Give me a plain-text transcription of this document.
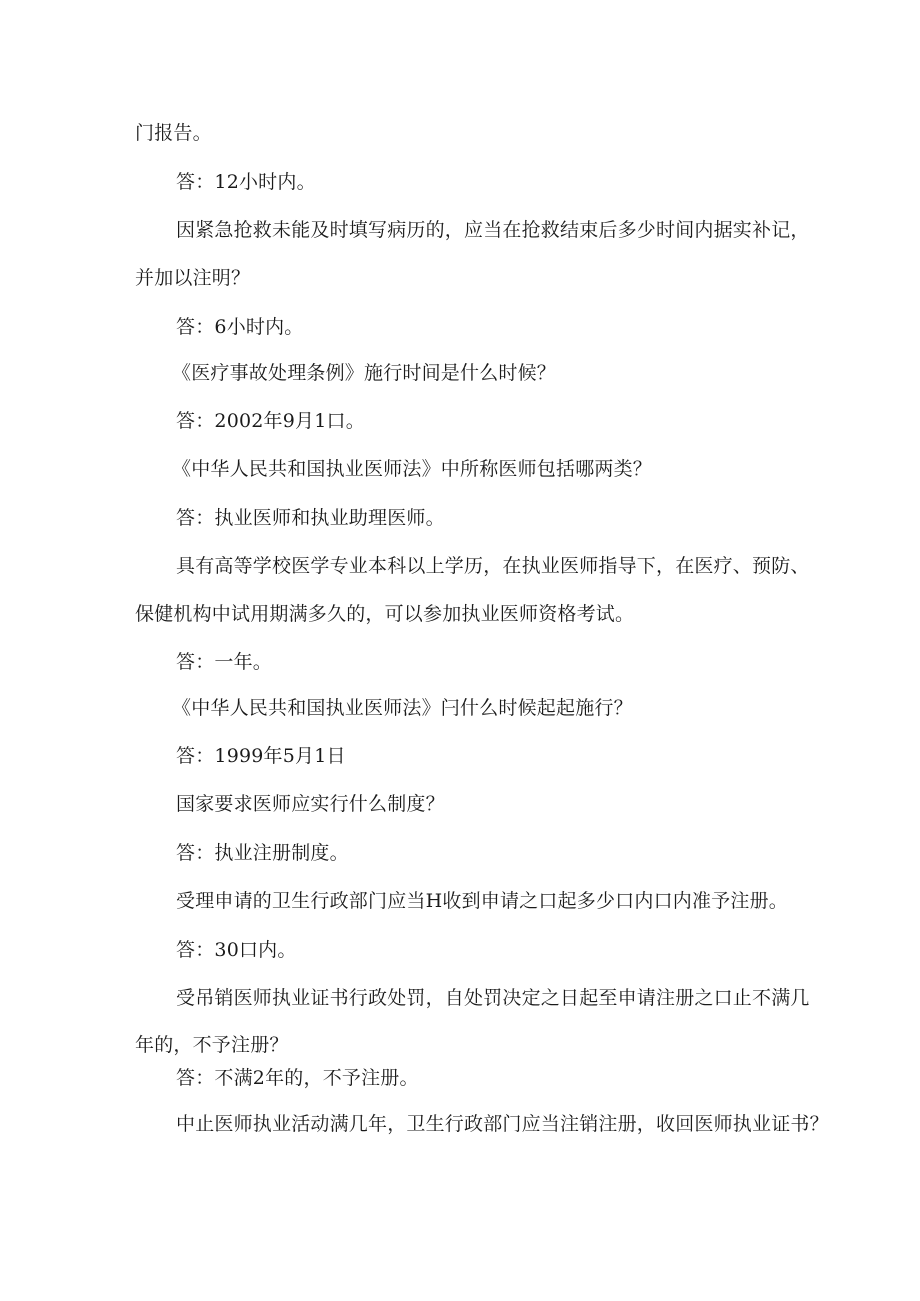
门报告。
答：12小时内。
因紧急抢救未能及时填写病历的，应当在抢救结束后多少时间内据实补记，
并加以注明？
答：6小时内。
《医疗事故处理条例》施行时间是什么时候？
答：2002年9月1口。
《中华人民共和国执业医师法》中所称医师包括哪两类？
答：执业医师和执业助理医师。
具有高等学校医学专业本科以上学历，在执业医师指导下，在医疗、预防、
保健机构中试用期满多久的，可以参加执业医师资格考试。
答：一年。
《中华人民共和国执业医师法》闩什么时候起起施行？
答：1999年5月1日
国家要求医师应实行什么制度？
答：执业注册制度。
受理申请的卫生行政部门应当H收到申请之口起多少口内口内准予注册。
答：30口内。
受吊销医师执业证书行政处罚，自处罚决定之日起至申请注册之口止不满几
年的，不予注册？
答：不满2年的，不予注册。
中止医师执业活动满几年，卫生行政部门应当注销注册，收回医师执业证书？
